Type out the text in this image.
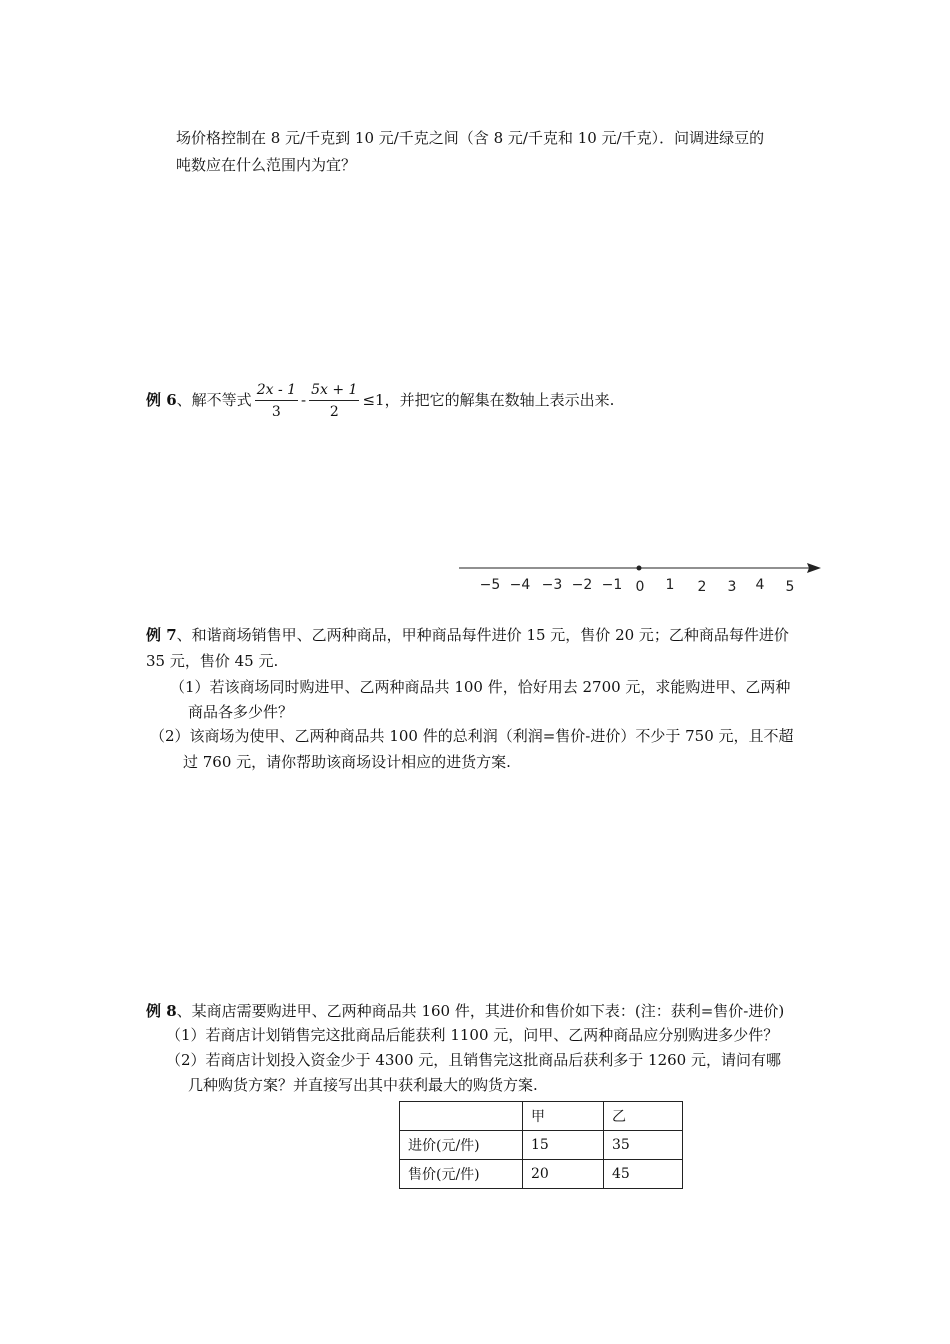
场价格控制在 8 元/千克到 10 元/千克之间（含 8 元/千克和 10 元/千克）．问调进绿豆的
吨数应在什么范围内为宜？
例 6、解不等式 $\frac{2x - 1}{3} - \frac{5x + 1}{2} \le 1$，并把它的解集在数轴上表示出来.
−5 −4 −3 −2 −1 0 1 2 3 4 5
例 7、和谐商场销售甲、乙两种商品，甲种商品每件进价 15 元，售价 20 元；乙种商品每件进价
35 元，售价 45 元.
（1）若该商场同时购进甲、乙两种商品共 100 件，恰好用去 2700 元，求能购进甲、乙两种
商品各多少件？
（2）该商场为使甲、乙两种商品共 100 件的总利润（利润=售价-进价）不少于 750 元，且不超
过 760 元，请你帮助该商场设计相应的进货方案.
例 8、某商店需要购进甲、乙两种商品共 160 件，其进价和售价如下表：(注：获利=售价-进价)
（1）若商店计划销售完这批商品后能获利 1100 元，问甲、乙两种商品应分别购进多少件？
（2）若商店计划投入资金少于 4300 元，且销售完这批商品后获利多于 1260 元，请问有哪
几种购货方案？并直接写出其中获利最大的购货方案.
	甲	乙
进价(元/件)	15	35
售价(元/件)	20	45
